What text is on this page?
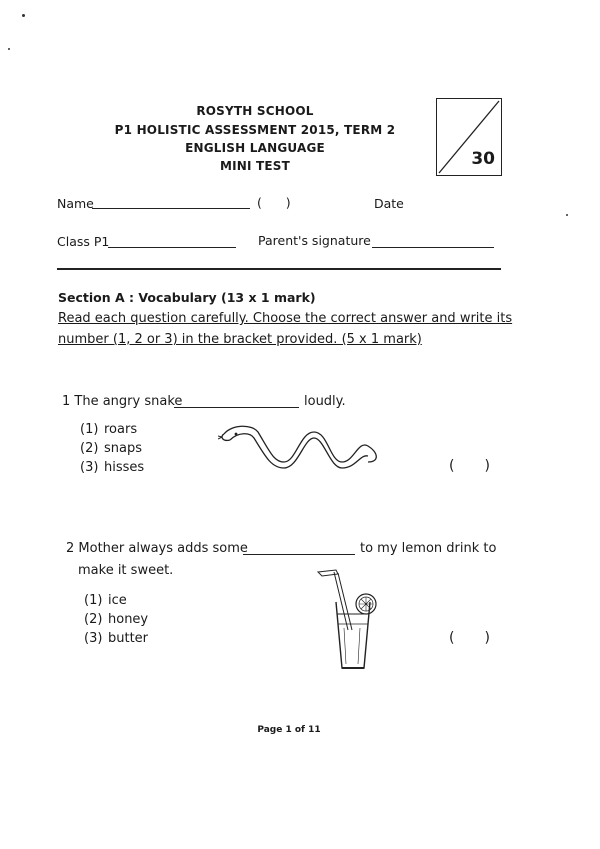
ROSYTH SCHOOL
P1 HOLISTIC ASSESSMENT 2015, TERM 2
ENGLISH LANGUAGE
MINI TEST	30
Name	(      )	Date
Class P1	Parent's signature
Section A : Vocabulary (13 x 1 mark)
Read each question carefully. Choose the correct answer and write its
number (1, 2 or 3) in the bracket provided. (5 x 1 mark)
1 The angry snake	loudly.
(1) roars
(2) snaps
(3) hisses	( )
2 Mother always adds some	to my lemon drink to
make it sweet.
(1) ice
(2) honey
(3) butter	( )
Page 1 of 11
